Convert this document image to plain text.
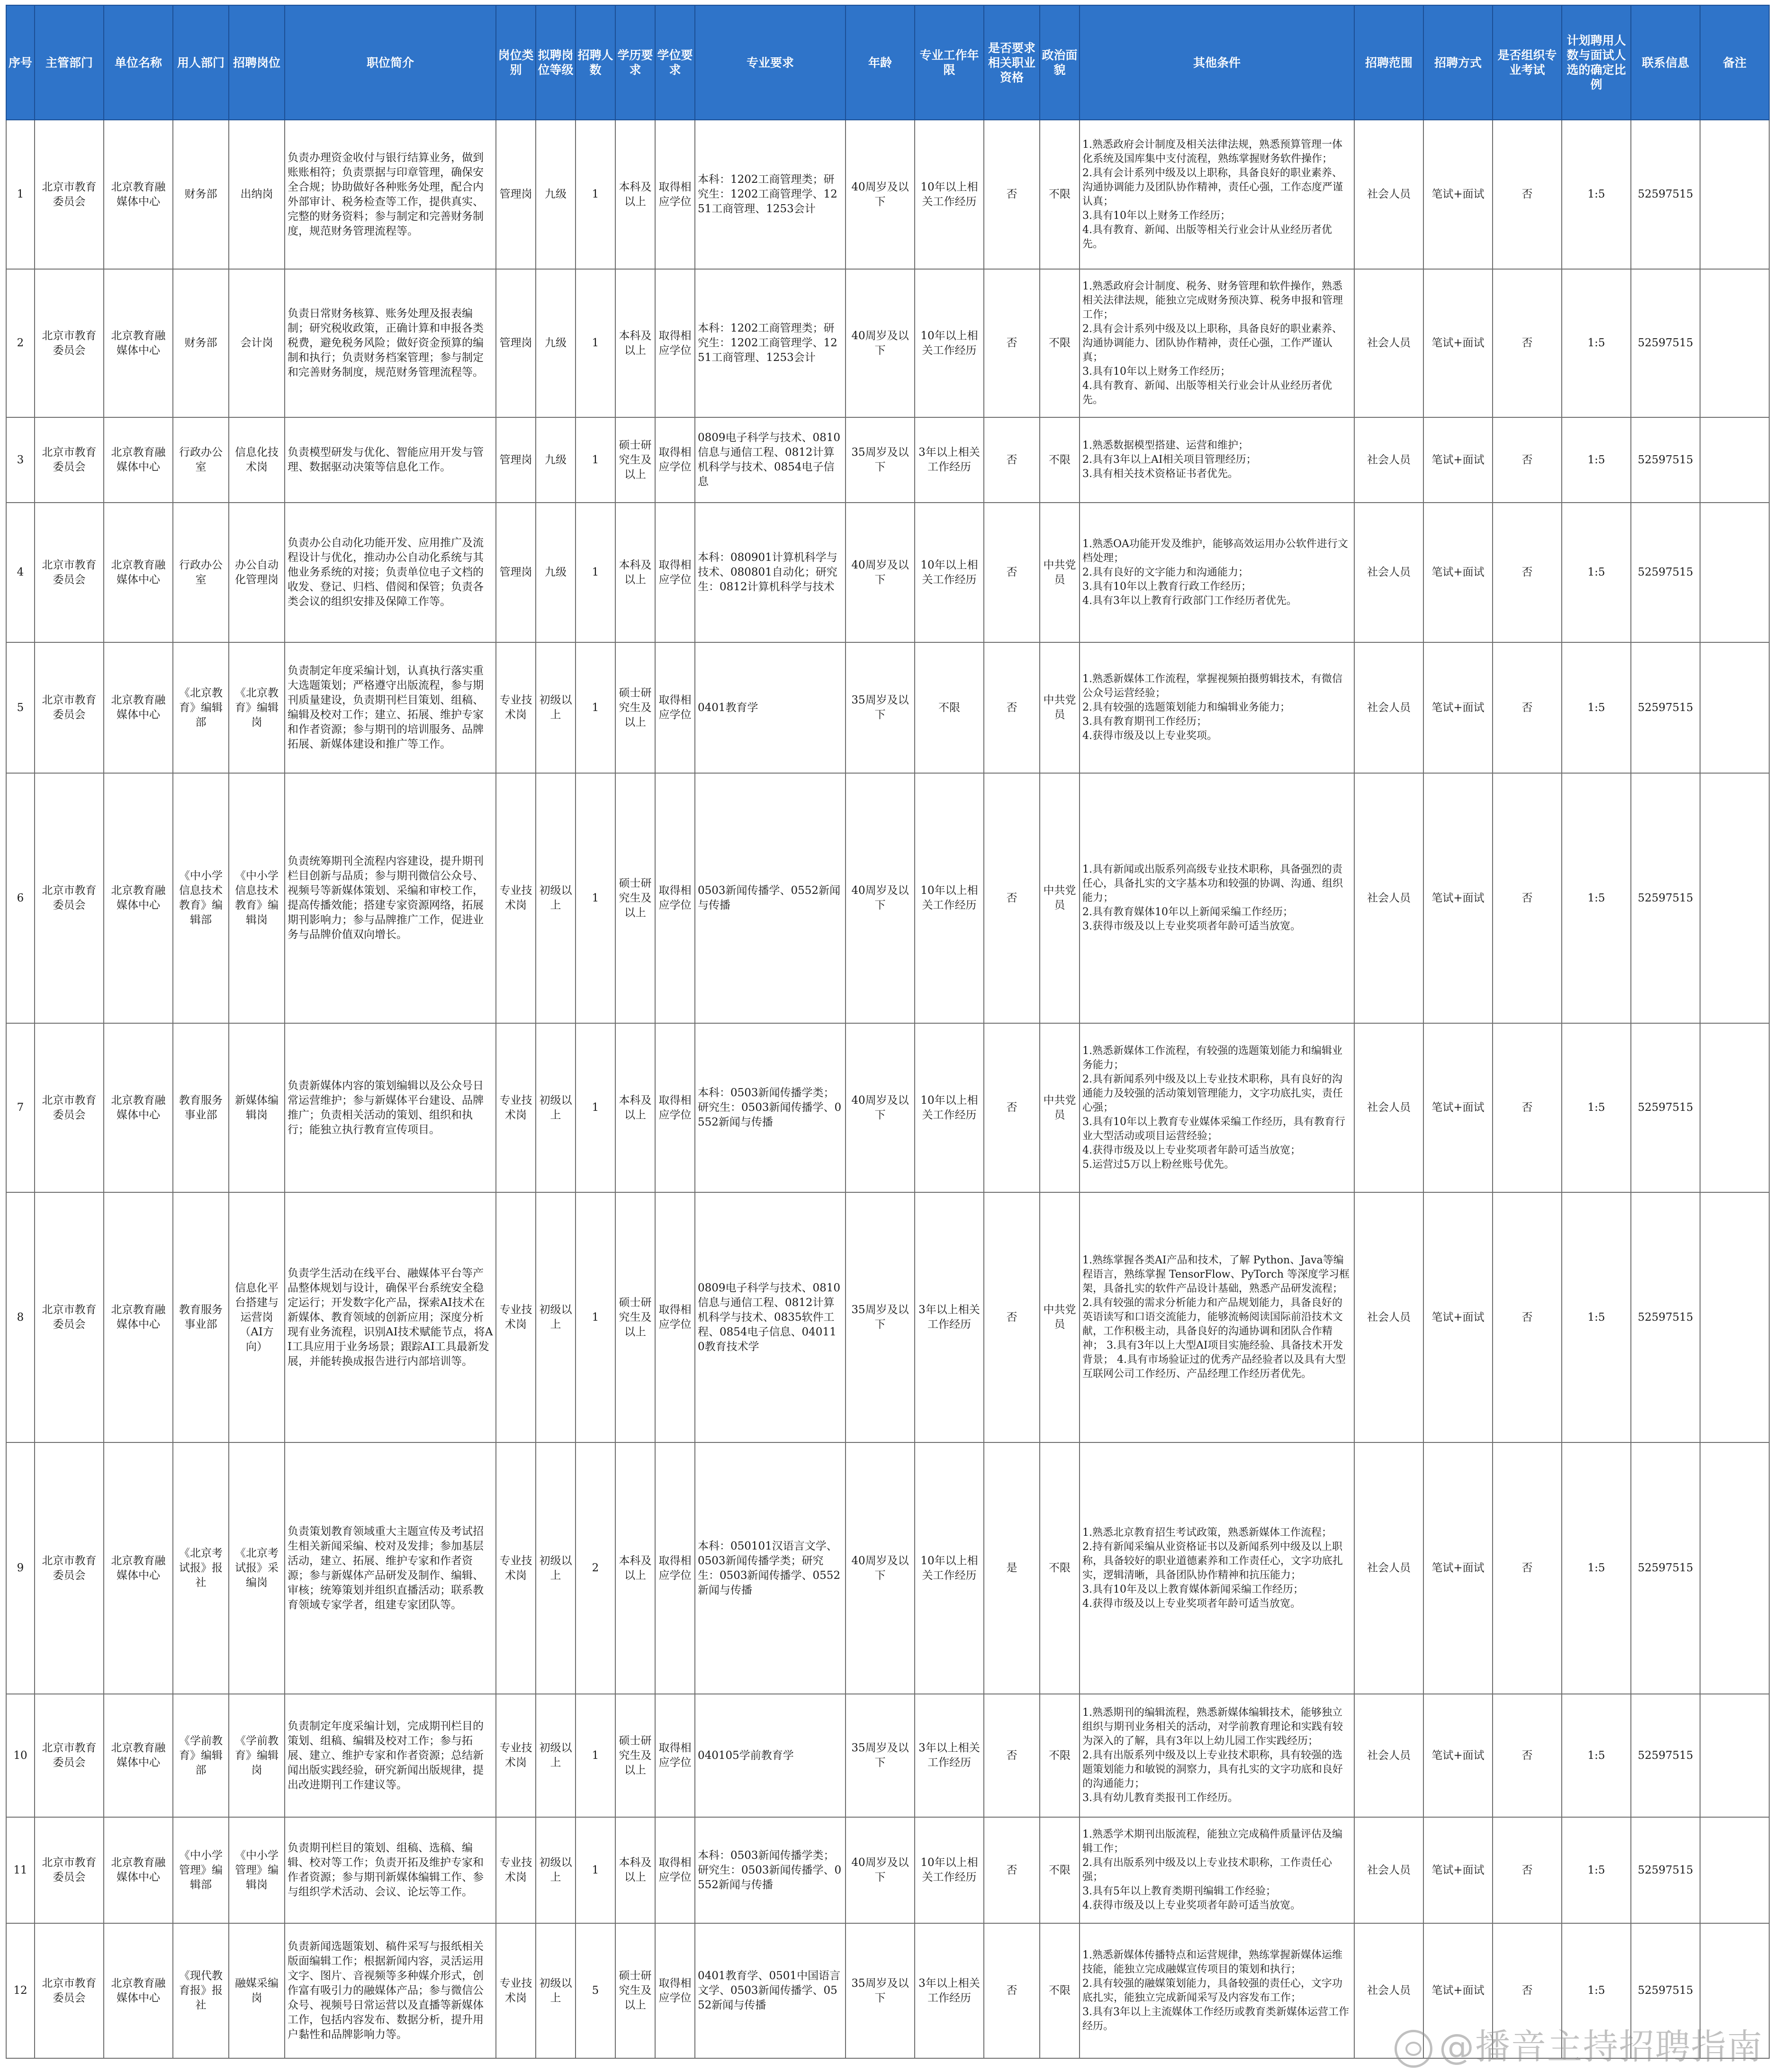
序号	主管部门	单位名称	用人部门	招聘岗位	职位简介	岗位类别	拟聘岗位等级	招聘人数	学历要求	学位要求	专业要求	年龄	专业工作年限	是否要求相关职业资格	政治面貌	其他条件	招聘范围	招聘方式	是否组织专业考试	计划聘用人数与面试人选的确定比例	联系信息	备注
1	北京市教育委员会	北京教育融媒体中心	财务部	出纳岗	负责办理资金收付与银行结算业务，做到账账相符；负责票据与印章管理，确保安全合规；协助做好各种账务处理，配合内外部审计、税务检查等工作，提供真实、完整的财务资料；参与制定和完善财务制度，规范财务管理流程等。	管理岗	九级	1	本科及以上	取得相应学位	本科：1202工商管理类；研究生：1202工商管理学、1251工商管理、1253会计	40周岁及以下	10年以上相关工作经历	否	不限	1.熟悉政府会计制度及相关法律法规，熟悉预算管理一体化系统及国库集中支付流程，熟练掌握财务软件操作；
2.具有会计系列中级及以上职称，具备良好的职业素养、沟通协调能力及团队协作精神，责任心强，工作态度严谨认真；
3.具有10年以上财务工作经历；
4.具有教育、新闻、出版等相关行业会计从业经历者优先。	社会人员	笔试+面试	否	1:5	52597515	
2	北京市教育委员会	北京教育融媒体中心	财务部	会计岗	负责日常财务核算、账务处理及报表编制；研究税收政策，正确计算和申报各类税费，避免税务风险；做好资金预算的编制和执行；负责财务档案管理；参与制定和完善财务制度，规范财务管理流程等。	管理岗	九级	1	本科及以上	取得相应学位	本科：1202工商管理类；研究生：1202工商管理学、1251工商管理、1253会计	40周岁及以下	10年以上相关工作经历	否	不限	1.熟悉政府会计制度、税务、财务管理和软件操作，熟悉相关法律法规，能独立完成财务预决算、税务申报和管理工作；
2.具有会计系列中级及以上职称，具备良好的职业素养、沟通协调能力、团队协作精神，责任心强，工作严谨认真；
3.具有10年以上财务工作经历；
4.具有教育、新闻、出版等相关行业会计从业经历者优先。	社会人员	笔试+面试	否	1:5	52597515	
3	北京市教育委员会	北京教育融媒体中心	行政办公室	信息化技术岗	负责模型研发与优化、智能应用开发与管理、数据驱动决策等信息化工作。	管理岗	九级	1	硕士研究生及以上	取得相应学位	0809电子科学与技术、0810信息与通信工程、0812计算机科学与技术、0854电子信息	35周岁及以下	3年以上相关工作经历	否	不限	1.熟悉数据模型搭建、运营和维护；
2.具有3年以上AI相关项目管理经历；
3.具有相关技术资格证书者优先。	社会人员	笔试+面试	否	1:5	52597515	
4	北京市教育委员会	北京教育融媒体中心	行政办公室	办公自动化管理岗	负责办公自动化功能开发、应用推广及流程设计与优化，推动办公自动化系统与其他业务系统的对接；负责单位电子文档的收发、登记、归档、借阅和保管；负责各类会议的组织安排及保障工作等。	管理岗	九级	1	本科及以上	取得相应学位	本科：080901计算机科学与技术、080801自动化；研究生：0812计算机科学与技术	40周岁及以下	10年以上相关工作经历	否	中共党员	1.熟悉OA功能开发及维护，能够高效运用办公软件进行文档处理；
2.具有良好的文字能力和沟通能力；
3.具有10年以上教育行政工作经历；
4.具有3年以上教育行政部门工作经历者优先。	社会人员	笔试+面试	否	1:5	52597515	
5	北京市教育委员会	北京教育融媒体中心	《北京教育》编辑部	《北京教育》编辑岗	负责制定年度采编计划，认真执行落实重大选题策划；严格遵守出版流程，参与期刊质量建设，负责期刊栏目策划、组稿、编辑及校对工作；建立、拓展、维护专家和作者资源；参与期刊的培训服务、品牌拓展、新媒体建设和推广等工作。	专业技术岗	初级以上	1	硕士研究生及以上	取得相应学位	0401教育学	35周岁及以下	不限	否	中共党员	1.熟悉新媒体工作流程，掌握视频拍摄剪辑技术，有微信公众号运营经验；
2.具有较强的选题策划能力和编辑业务能力；
3.具有教育期刊工作经历；
4.获得市级及以上专业奖项。	社会人员	笔试+面试	否	1:5	52597515	
6	北京市教育委员会	北京教育融媒体中心	《中小学信息技术教育》编辑部	《中小学信息技术教育》编辑岗	负责统筹期刊全流程内容建设，提升期刊栏目创新与品质；参与期刊微信公众号、视频号等新媒体策划、采编和审校工作，提高传播效能；搭建专家资源网络，拓展期刊影响力；参与品牌推广工作，促进业务与品牌价值双向增长。	专业技术岗	初级以上	1	硕士研究生及以上	取得相应学位	0503新闻传播学、0552新闻与传播	40周岁及以下	10年以上相关工作经历	否	中共党员	1.具有新闻或出版系列高级专业技术职称，具备强烈的责任心，具备扎实的文字基本功和较强的协调、沟通、组织能力；
2.具有教育媒体10年以上新闻采编工作经历；
3.获得市级及以上专业奖项者年龄可适当放宽。	社会人员	笔试+面试	否	1:5	52597515	
7	北京市教育委员会	北京教育融媒体中心	教育服务事业部	新媒体编辑岗	负责新媒体内容的策划编辑以及公众号日常运营维护；参与新媒体平台建设、品牌推广；负责相关活动的策划、组织和执行；能独立执行教育宣传项目。	专业技术岗	初级以上	1	本科及以上	取得相应学位	本科：0503新闻传播学类；研究生：0503新闻传播学、0552新闻与传播	40周岁及以下	10年以上相关工作经历	否	中共党员	1.熟悉新媒体工作流程，有较强的选题策划能力和编辑业务能力；
2.具有新闻系列中级及以上专业技术职称，具有良好的沟通能力及较强的活动策划管理能力，文字功底扎实，责任心强；
3.具有10年以上教育专业媒体采编工作经历，具有教育行业大型活动或项目运营经验；
4.获得市级及以上专业奖项者年龄可适当放宽；
5.运营过5万以上粉丝账号优先。	社会人员	笔试+面试	否	1:5	52597515	
8	北京市教育委员会	北京教育融媒体中心	教育服务事业部	信息化平台搭建与运营岗（AI方向）	负责学生活动在线平台、融媒体平台等产品整体规划与设计，确保平台系统安全稳定运行；开发数字化产品，探索AI技术在新媒体、教育领域的创新应用；深度分析现有业务流程，识别AI技术赋能节点，将AI工具应用于业务场景；跟踪AI工具最新发展，并能转换成报告进行内部培训等。	专业技术岗	初级以上	1	硕士研究生及以上	取得相应学位	0809电子科学与技术、0810信息与通信工程、0812计算机科学与技术、0835软件工程、0854电子信息、040110教育技术学	35周岁及以下	3年以上相关工作经历	否	中共党员	1.熟练掌握各类AI产品和技术，了解 Python、Java等编程语言，熟练掌握 TensorFlow、PyTorch 等深度学习框架，具备扎实的软件产品设计基础，熟悉产品研发流程； 2.具有较强的需求分析能力和产品规划能力，具备良好的英语读写和口语交流能力，能够流畅阅读国际前沿技术文献，工作积极主动，具备良好的沟通协调和团队合作精神； 3.具有3年以上大型AI项目实施经验、具备技术开发背景； 4.具有市场验证过的优秀产品经验者以及具有大型互联网公司工作经历、产品经理工作经历者优先。	社会人员	笔试+面试	否	1:5	52597515	
9	北京市教育委员会	北京教育融媒体中心	《北京考试报》报社	《北京考试报》采编岗	负责策划教育领域重大主题宣传及考试招生相关新闻采编、校对及发排；参加基层活动，建立、拓展、维护专家和作者资源；参与新媒体产品研发及制作、编辑、审核；统筹策划并组织直播活动；联系教育领域专家学者，组建专家团队等。	专业技术岗	初级以上	2	本科及以上	取得相应学位	本科：050101汉语言文学、0503新闻传播学类；研究生：0503新闻传播学、0552新闻与传播	40周岁及以下	10年以上相关工作经历	是	不限	1.熟悉北京教育招生考试政策，熟悉新媒体工作流程；
2.持有新闻采编从业资格证书以及新闻系列中级及以上职称，具备较好的职业道德素养和工作责任心，文字功底扎实，逻辑清晰，具备团队协作精神和抗压能力；
3.具有10年及以上教育媒体新闻采编工作经历；
4.获得市级及以上专业奖项者年龄可适当放宽。	社会人员	笔试+面试	否	1:5	52597515	
10	北京市教育委员会	北京教育融媒体中心	《学前教育》编辑部	《学前教育》编辑岗	负责制定年度采编计划，完成期刊栏目的策划、组稿、编辑及校对工作；参与拓展、建立、维护专家和作者资源；总结新闻出版实践经验，研究新闻出版规律，提出改进期刊工作建议等。	专业技术岗	初级以上	1	硕士研究生及以上	取得相应学位	040105学前教育学	35周岁及以下	3年以上相关工作经历	否	不限	1.熟悉期刊的编辑流程，熟悉新媒体编辑技术，能够独立组织与期刊业务相关的活动，对学前教育理论和实践有较为深入的了解，具有3年以上幼儿园工作实践经历；
2.具有出版系列中级及以上专业技术职称，具有较强的选题策划能力和敏锐的洞察力，具有扎实的文字功底和良好的沟通能力；
3.具有幼儿教育类报刊工作经历。	社会人员	笔试+面试	否	1:5	52597515	
11	北京市教育委员会	北京教育融媒体中心	《中小学管理》编辑部	《中小学管理》编辑岗	负责期刊栏目的策划、组稿、选稿、编辑、校对等工作；负责开拓及维护专家和作者资源；参与期刊新媒体编辑工作、参与组织学术活动、会议、论坛等工作。	专业技术岗	初级以上	1	本科及以上	取得相应学位	本科：0503新闻传播学类；研究生：0503新闻传播学、0552新闻与传播	40周岁及以下	10年以上相关工作经历	否	不限	1.熟悉学术期刊出版流程，能独立完成稿件质量评估及编辑工作；
2.具有出版系列中级及以上专业技术职称，工作责任心强；
3.具有5年以上教育类期刊编辑工作经验；
4.获得市级及以上专业奖项者年龄可适当放宽。	社会人员	笔试+面试	否	1:5	52597515	
12	北京市教育委员会	北京教育融媒体中心	《现代教育报》报社	融媒采编岗	负责新闻选题策划、稿件采写与报纸相关版面编辑工作；根据新闻内容，灵活运用文字、图片、音视频等多种媒介形式，创作富有吸引力的融媒体产品；参与微信公众号、视频号日常运营以及直播等新媒体工作，包括内容发布、数据分析，提升用户黏性和品牌影响力等。	专业技术岗	初级以上	5	硕士研究生及以上	取得相应学位	0401教育学、0501中国语言文学、0503新闻传播学、0552新闻与传播	35周岁及以下	3年以上相关工作经历	否	不限	1.熟悉新媒体传播特点和运营规律，熟练掌握新媒体运维技能，能独立完成融媒宣传项目的策划和执行；
2.具有较强的融媒策划能力，具备较强的责任心，文字功底扎实，能独立完成新闻采写及内容发布工作；
3.具有3年以上主流媒体工作经历或教育类新媒体运营工作经历。	社会人员	笔试+面试	否	1:5	52597515	
@播音主持招聘指南
